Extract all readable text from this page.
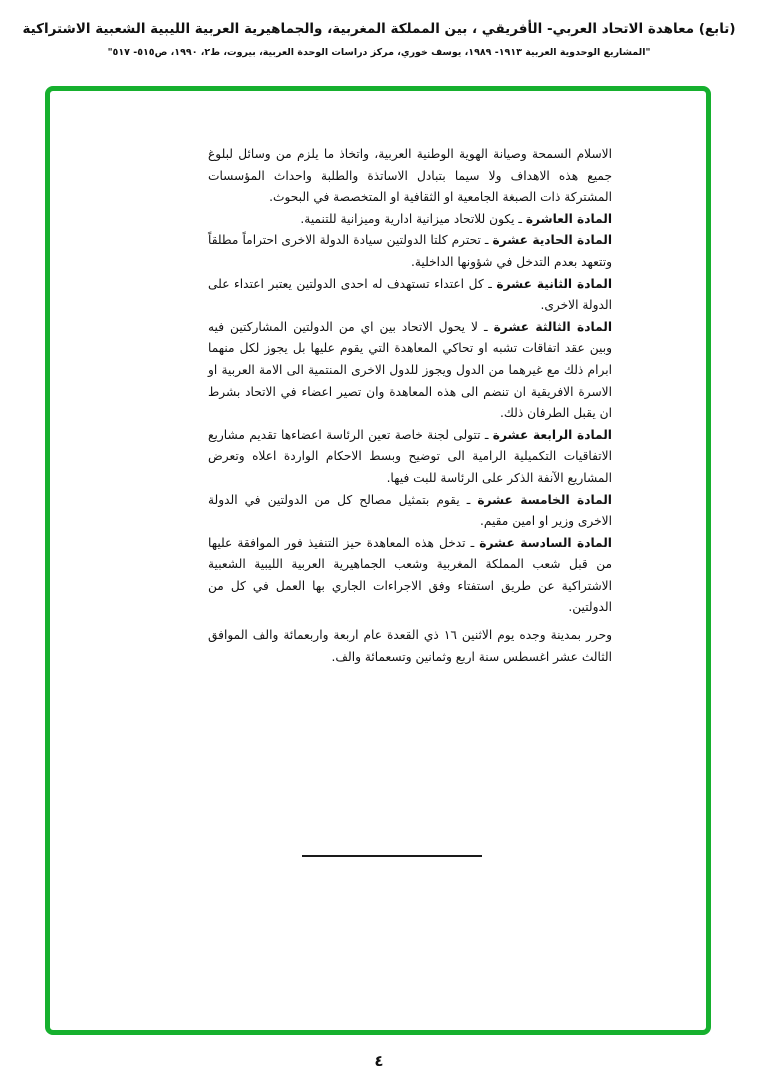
(تابع) معاهدة الاتحاد العربي- الأفريقي ، بين المملكة المغربية، والجماهيرية العربية الليبية الشعبية الاشتراكية
"المشاريع الوحدوية العربية ١٩١٣- ١٩٨٩، يوسف خوري، مركز دراسات الوحدة العربية، بيروت، ط٢، ١٩٩٠، ص٥١٥- ٥١٧"

الاسلام السمحة وصيانة الهوية الوطنية العربية، واتخاذ ما يلزم من وسائل لبلوغ جميع هذه الاهداف ولا سيما بتبادل الاساتذة والطلبة واحداث المؤسسات المشتركة ذات الصبغة الجامعية او الثقافية او المتخصصة في البحوث.

المادة العاشرة ـ يكون للاتحاد ميزانية ادارية وميزانية للتنمية.

المادة الحادية عشرة ـ تحترم كلتا الدولتين سيادة الدولة الاخرى احتراماً مطلقاً وتتعهد بعدم التدخل في شؤونها الداخلية.

المادة الثانية عشرة ـ كل اعتداء تستهدف له احدى الدولتين يعتبر اعتداء على الدولة الاخرى.

المادة الثالثة عشرة ـ لا يحول الاتحاد بين اي من الدولتين المشاركتين فيه وبين عقد اتفاقات تشبه او تحاكي المعاهدة التي يقوم عليها بل يجوز لكل منهما ابرام ذلك مع غيرهما من الدول ويجوز للدول الاخرى المنتمية الى الامة العربية او الاسرة الافريقية ان تنضم الى هذه المعاهدة وان تصير اعضاء في الاتحاد بشرط ان يقبل الطرفان ذلك.

المادة الرابعة عشرة ـ تتولى لجنة خاصة تعين الرئاسة اعضاءها تقديم مشاريع الاتفاقيات التكميلية الرامية الى توضيح وبسط الاحكام الواردة اعلاه وتعرض المشاريع الآنفة الذكر على الرئاسة للبت فيها.

المادة الخامسة عشرة ـ يقوم بتمثيل مصالح كل من الدولتين في الدولة الاخرى وزير او امين مقيم.

المادة السادسة عشرة ـ تدخل هذه المعاهدة حيز التنفيذ فور الموافقة عليها من قبل شعب المملكة المغربية وشعب الجماهيرية العربية الليبية الشعبية الاشتراكية عن طريق استفتاء وفق الاجراءات الجاري بها العمل في كل من الدولتين.

وحرر بمدينة وجده يوم الاثنين ١٦ ذي القعدة عام اربعة واربعمائة والف الموافق الثالث عشر اغسطس سنة اربع وثمانين وتسعمائة والف.

٤
